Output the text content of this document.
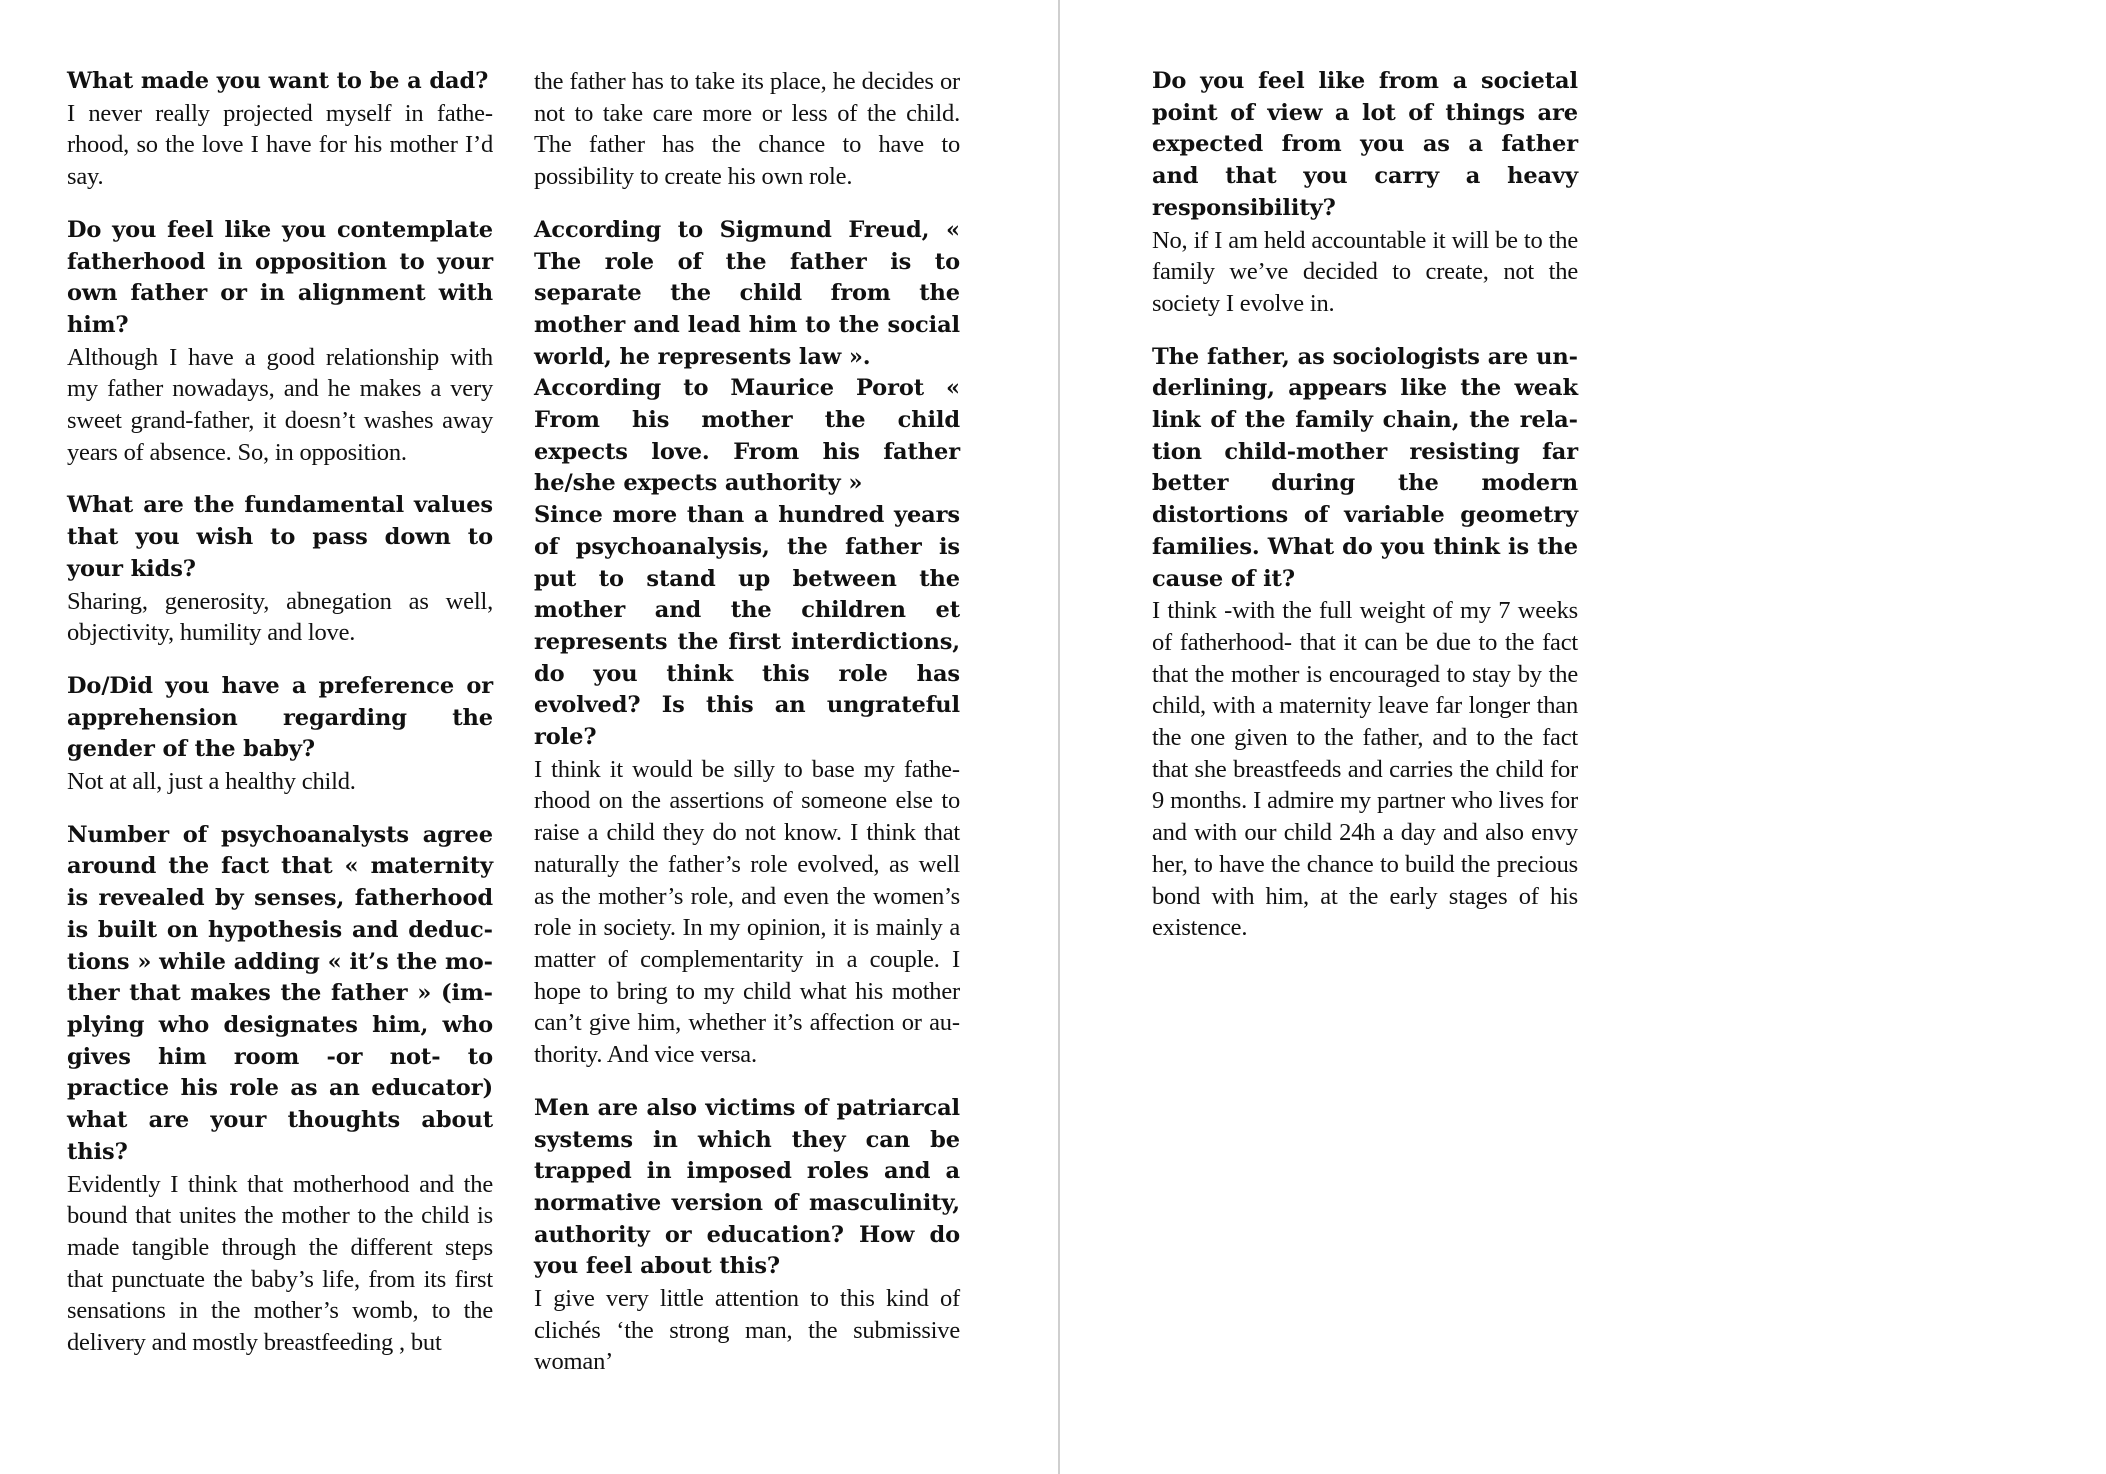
What made you want to be a dad?

I never really projected myself in fatherhood, so the love I have for his mother I’d say.

Do you feel like you contemplate fatherhood in opposition to your own father or in alignment with him?

Although I have a good relationship with my father nowadays, and he makes a very sweet grand-father, it doesn’t washes away years of absence. So, in opposition.

What are the fundamental values that you wish to pass down to your kids?

Sharing, generosity, abnegation as well, objectivity, humility and love.

Do/Did you have a preference or apprehension regarding the gender of the baby?

Not at all, just a healthy child.

Number of psychoanalysts agree around the fact that « maternity is revealed by senses, fatherhood is built on hypothesis and deductions » while adding « it’s the mother that makes the father » (implying who designates him, who gives him room -or not- to practice his role as an educator) what are your thoughts about this?

Evidently I think that motherhood and the bound that unites the mother to the child is made tangible through the different steps that punctuate the baby’s life, from its first sensations in the mother’s womb, to the delivery and mostly breastfeeding , but

the father has to take its place, he decides or not to take care more or less of the child. The father has the chance to have to possibility to create his own role.

According to Sigmund Freud, « The role of the father is to separate the child from the mother and lead him to the social world, he represents law ».

According to Maurice Porot « From his mother the child expects love. From his father he/she expects authority »

Since more than a hundred years of psychoanalysis, the father is put to stand up between the mother and the children et represents the first interdictions, do you think this role has evolved? Is this an ungrateful role?

I think it would be silly to base my fatherhood on the assertions of someone else to raise a child they do not know. I think that naturally the father’s role evolved, as well as the mother’s role, and even the women’s role in society. In my opinion, it is mainly a matter of complementarity in a couple. I hope to bring to my child what his mother can’t give him, whether it’s affection or authority. And vice versa.

Men are also victims of patriarcal systems in which they can be trapped in imposed roles and a normative version of masculinity, authority or education? How do you feel about this?

I give very little attention to this kind of clichés ‘the strong man, the submissive woman’

Do you feel like from a societal point of view a lot of things are expected from you as a father and that you carry a heavy responsibility?

No, if I am held accountable it will be to the family we’ve decided to create, not the society I evolve in.

The father, as sociologists are underlining, appears like the weak link of the family chain, the relation child-mother resisting far better during the modern distortions of variable geometry families. What do you think is the cause of it?

I think -with the full weight of my 7 weeks of fatherhood- that it can be due to the fact that the mother is encouraged to stay by the child, with a maternity leave far longer than the one given to the father, and to the fact that she breastfeeds and carries the child for 9 months. I admire my partner who lives for and with our child 24h a day and also envy her, to have the chance to build the precious bond with him, at the early stages of his existence.
